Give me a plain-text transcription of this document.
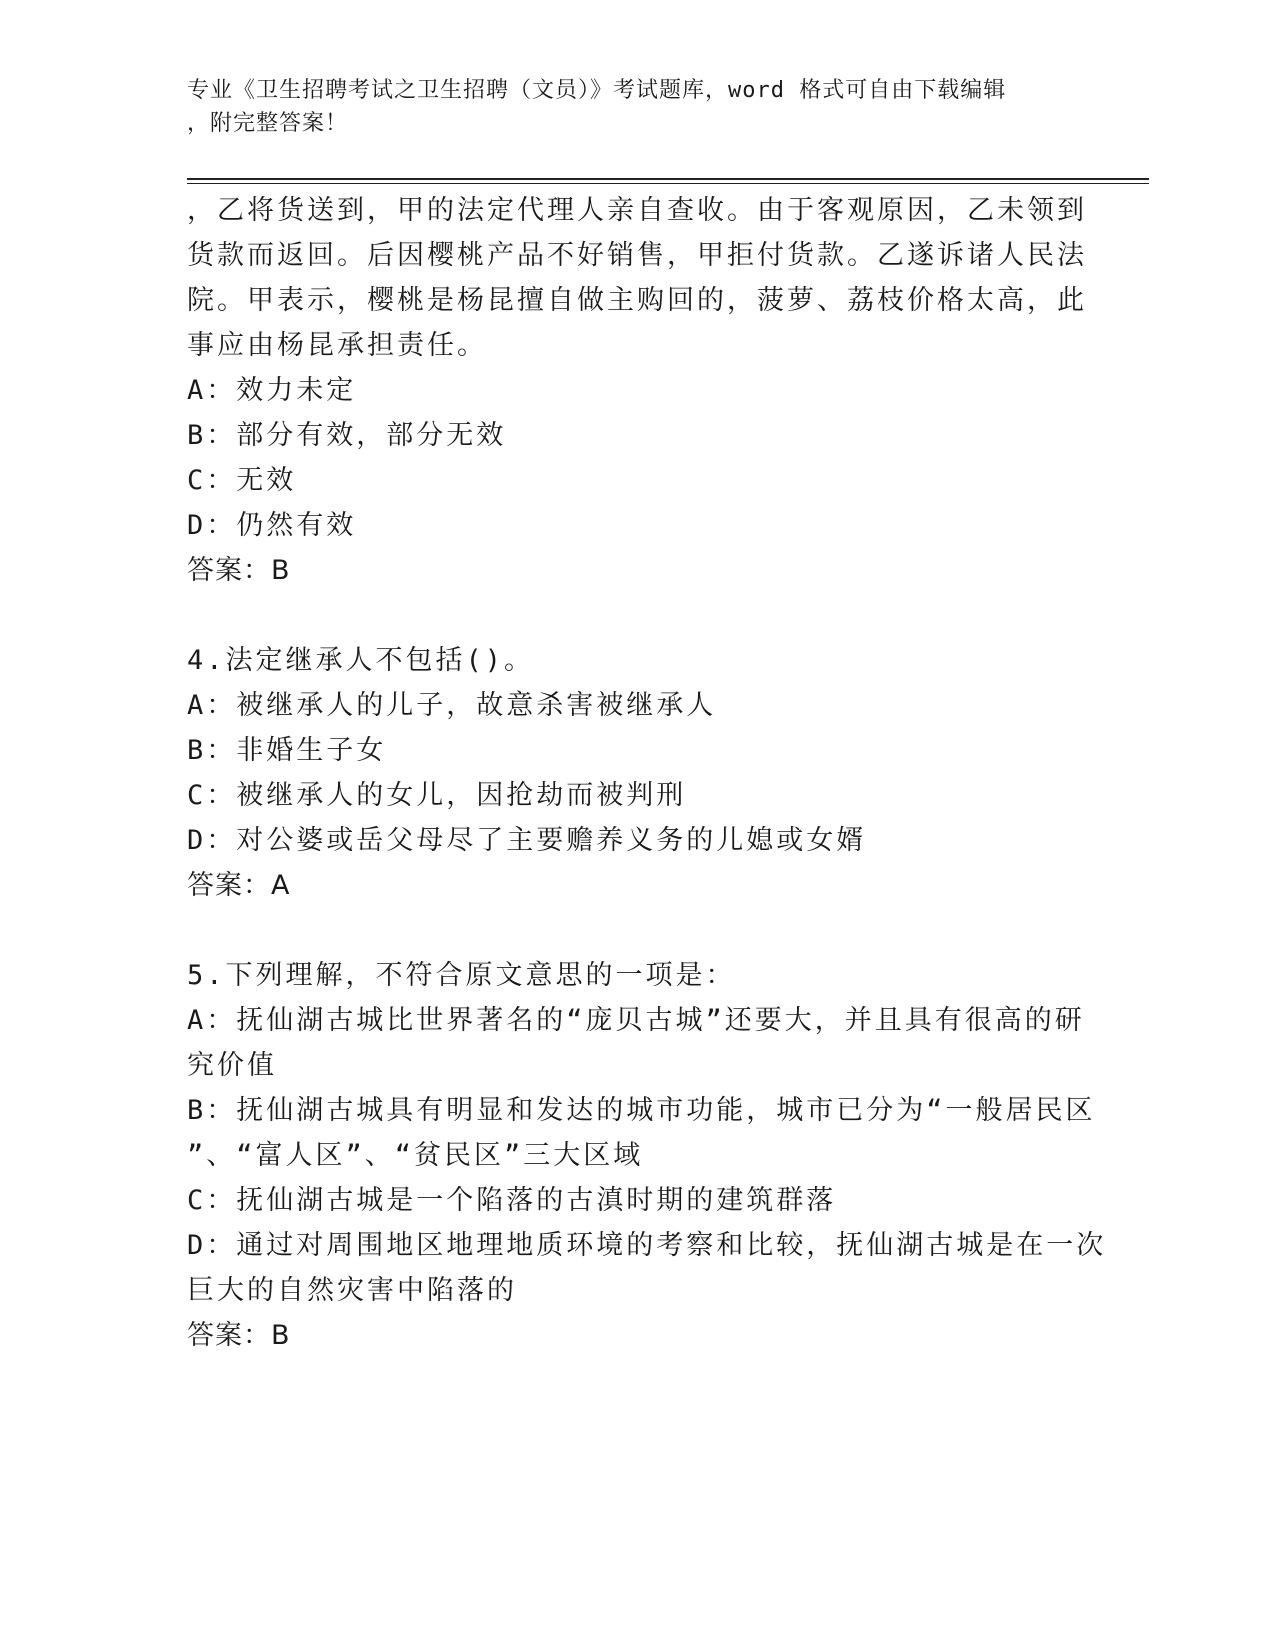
专业《卫生招聘考试之卫生招聘（文员）》考试题库，word 格式可自由下载编辑
，附完整答案！
，乙将货送到，甲的法定代理人亲自查收。由于客观原因，乙未领到
货款而返回。后因樱桃产品不好销售，甲拒付货款。乙遂诉诸人民法
院。甲表示，樱桃是杨昆擅自做主购回的，菠萝、荔枝价格太高，此
事应由杨昆承担责任。
A：效力未定
B：部分有效，部分无效
C：无效
D：仍然有效
答案：B
4.法定继承人不包括()。
A：被继承人的儿子，故意杀害被继承人
B：非婚生子女
C：被继承人的女儿，因抢劫而被判刑
D：对公婆或岳父母尽了主要赡养义务的儿媳或女婿
答案：A
5.下列理解，不符合原文意思的一项是：
A：抚仙湖古城比世界著名的“庞贝古城”还要大，并且具有很高的研
究价值
B：抚仙湖古城具有明显和发达的城市功能，城市已分为“一般居民区
”、“富人区”、“贫民区”三大区域
C：抚仙湖古城是一个陷落的古滇时期的建筑群落
D：通过对周围地区地理地质环境的考察和比较，抚仙湖古城是在一次
巨大的自然灾害中陷落的
答案：B
